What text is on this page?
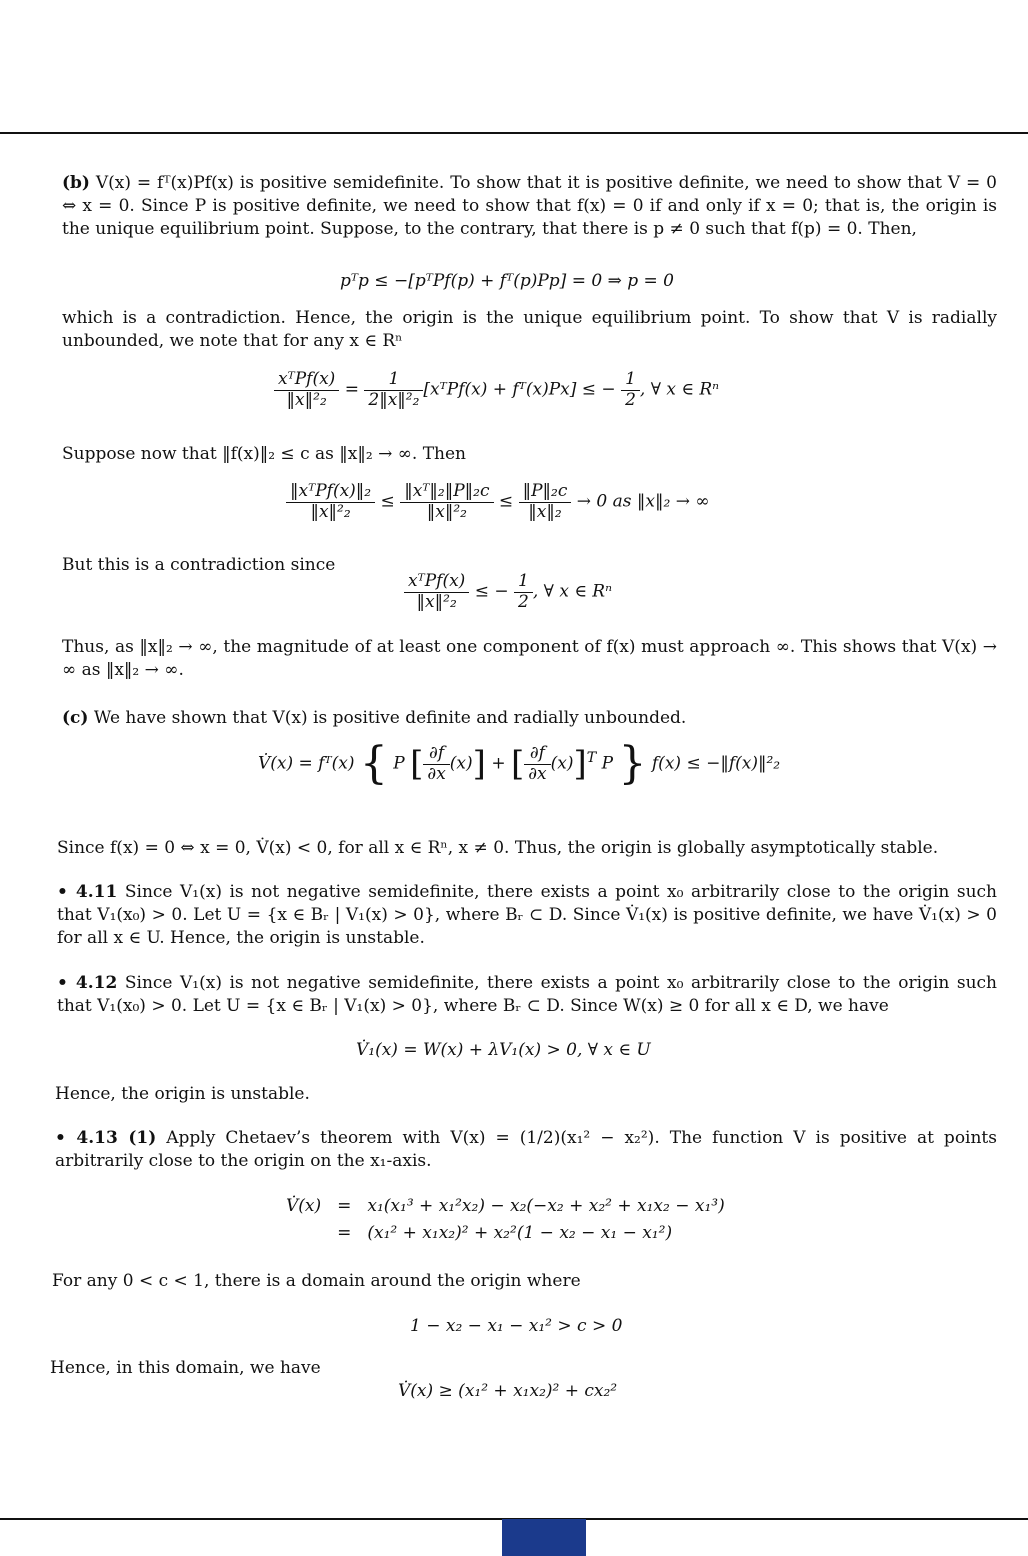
(b) V(x) = fᵀ(x)Pf(x) is positive semidefinite. To show that it is positive definite, we need to show that V = 0 ⇔ x = 0. Since P is positive definite, we need to show that f(x) = 0 if and only if x = 0; that is, the origin is the unique equilibrium point. Suppose, to the contrary, that there is p ≠ 0 such that f(p) = 0. Then,

pᵀp ≤ −[pᵀPf(p) + fᵀ(p)Pp] = 0 ⇒ p = 0

which is a contradiction. Hence, the origin is the unique equilibrium point. To show that V is radially unbounded, we note that for any x ∈ Rⁿ

$\frac{\text{xᵀPf(x)}}{\text{‖x‖²₂}} = \frac{1}{\text{2‖x‖²₂}}$ [xᵀPf(x) + fᵀ(x)Px] ≤ − $\frac{1}{2}$ , ∀ x ∈ Rⁿ

Suppose now that ‖f(x)‖₂ ≤ c as ‖x‖₂ → ∞. Then

$\frac{\text{‖xᵀPf(x)‖₂}}{\text{‖x‖²₂}} \le \frac{\text{‖xᵀ‖₂‖P‖₂c}}{\text{‖x‖²₂}} \le \frac{\text{‖P‖₂c}}{\text{‖x‖₂}} \to 0$ as ‖x‖₂ → ∞

But this is a contradiction since

$\frac{\text{xᵀPf(x)}}{\text{‖x‖²₂}}$ ≤ − $\frac{1}{2}$ , ∀ x ∈ Rⁿ

Thus, as ‖x‖₂ → ∞, the magnitude of at least one component of f(x) must approach ∞. This shows that V(x) → ∞ as ‖x‖₂ → ∞.

(c) We have shown that V(x) is positive definite and radially unbounded.

V̇(x) = fᵀ(x) { P [ $\frac{\partial f}{\partial x} (x)$] + [ $\frac{\partial f}{\partial x} (x)]^T$ P } f(x) ≤ −‖f(x)‖²₂

Since f(x) = 0 ⇔ x = 0, V̇(x) < 0, for all x ∈ Rⁿ, x ≠ 0. Thus, the origin is globally asymptotically stable.

• 4.11 Since V₁(x) is not negative semidefinite, there exists a point x₀ arbitrarily close to the origin such that V₁(x₀) > 0. Let U = {x ∈ Bᵣ | V₁(x) > 0}, where Bᵣ ⊂ D. Since V̇₁(x) is positive definite, we have V̇₁(x) > 0 for all x ∈ U. Hence, the origin is unstable.

• 4.12 Since V₁(x) is not negative semidefinite, there exists a point x₀ arbitrarily close to the origin such that V₁(x₀) > 0. Let U = {x ∈ Bᵣ | V₁(x) > 0}, where Bᵣ ⊂ D. Since W(x) ≥ 0 for all x ∈ D, we have

V̇₁(x) = W(x) + λV₁(x) > 0, ∀ x ∈ U

Hence, the origin is unstable.

• 4.13 (1) Apply Chetaev’s theorem with V(x) = (1/2)(x₁² − x₂²). The function V is positive at points arbitrarily close to the origin on the x₁-axis.

V̇(x)	=	x₁(x₁³ + x₁²x₂) − x₂(−x₂ + x₂² + x₁x₂ − x₁³)
	=	(x₁² + x₁x₂)² + x₂²(1 − x₂ − x₁ − x₁²)

For any 0 < c < 1, there is a domain around the origin where

1 − x₂ − x₁ − x₁² > c > 0

Hence, in this domain, we have

V̇(x) ≥ (x₁² + x₁x₂)² + cx₂²
